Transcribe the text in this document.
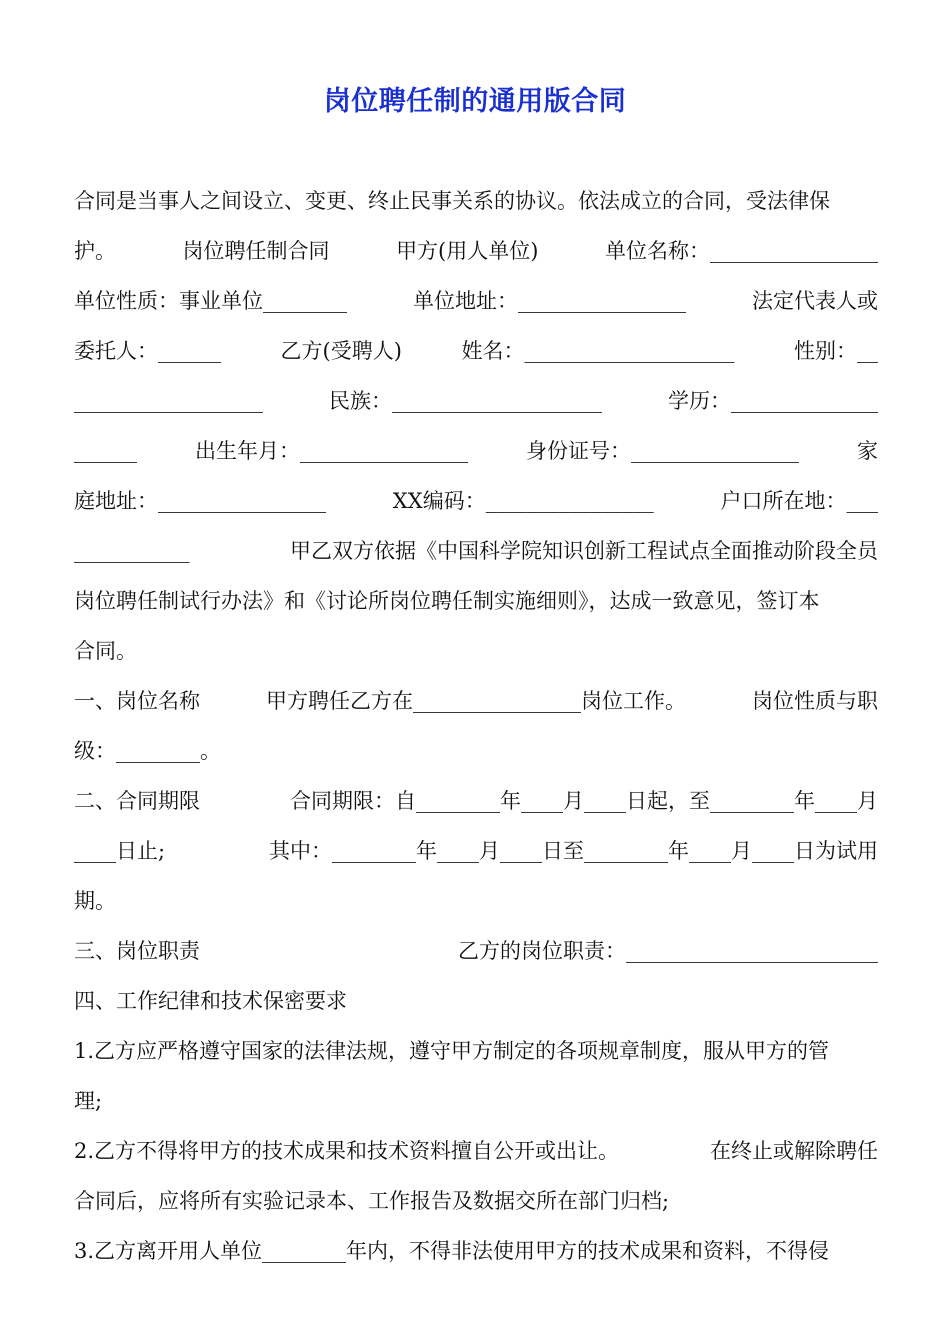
岗位聘任制的通用版合同
合同是当事人之间设立、变更、终止民事关系的协议。依法成立的合同，受法律保
护。	岗位聘任制合同	甲方(用人单位)	单位名称：________________
单位性质：事业单位________	单位地址：________________	法定代表人或
委托人：______	乙方(受聘人)	姓名：____________________	性别：__
__________________	民族：____________________	学历：______________
______	出生年月：________________	身份证号：________________	家
庭地址：________________	XX编码：________________	户口所在地：___
___________	甲乙双方依据《中国科学院知识创新工程试点全面推动阶段全员
岗位聘任制试行办法》和《讨论所岗位聘任制实施细则》，达成一致意见，签订本
合同。
一、岗位名称	甲方聘任乙方在________________岗位工作。	岗位性质与职
级：________。
二、合同期限	合同期限：自________年____月____日起，至________年____月
____日止;	其中：________年____月____日至________年____月____日为试用
期。
三、岗位职责	乙方的岗位职责：________________________
四、工作纪律和技术保密要求
1.乙方应严格遵守国家的法律法规，遵守甲方制定的各项规章制度，服从甲方的管
理;
2.乙方不得将甲方的技术成果和技术资料擅自公开或出让。	在终止或解除聘任
合同后，应将所有实验记录本、工作报告及数据交所在部门归档;
3.乙方离开用人单位________年内，不得非法使用甲方的技术成果和资料，不得侵
